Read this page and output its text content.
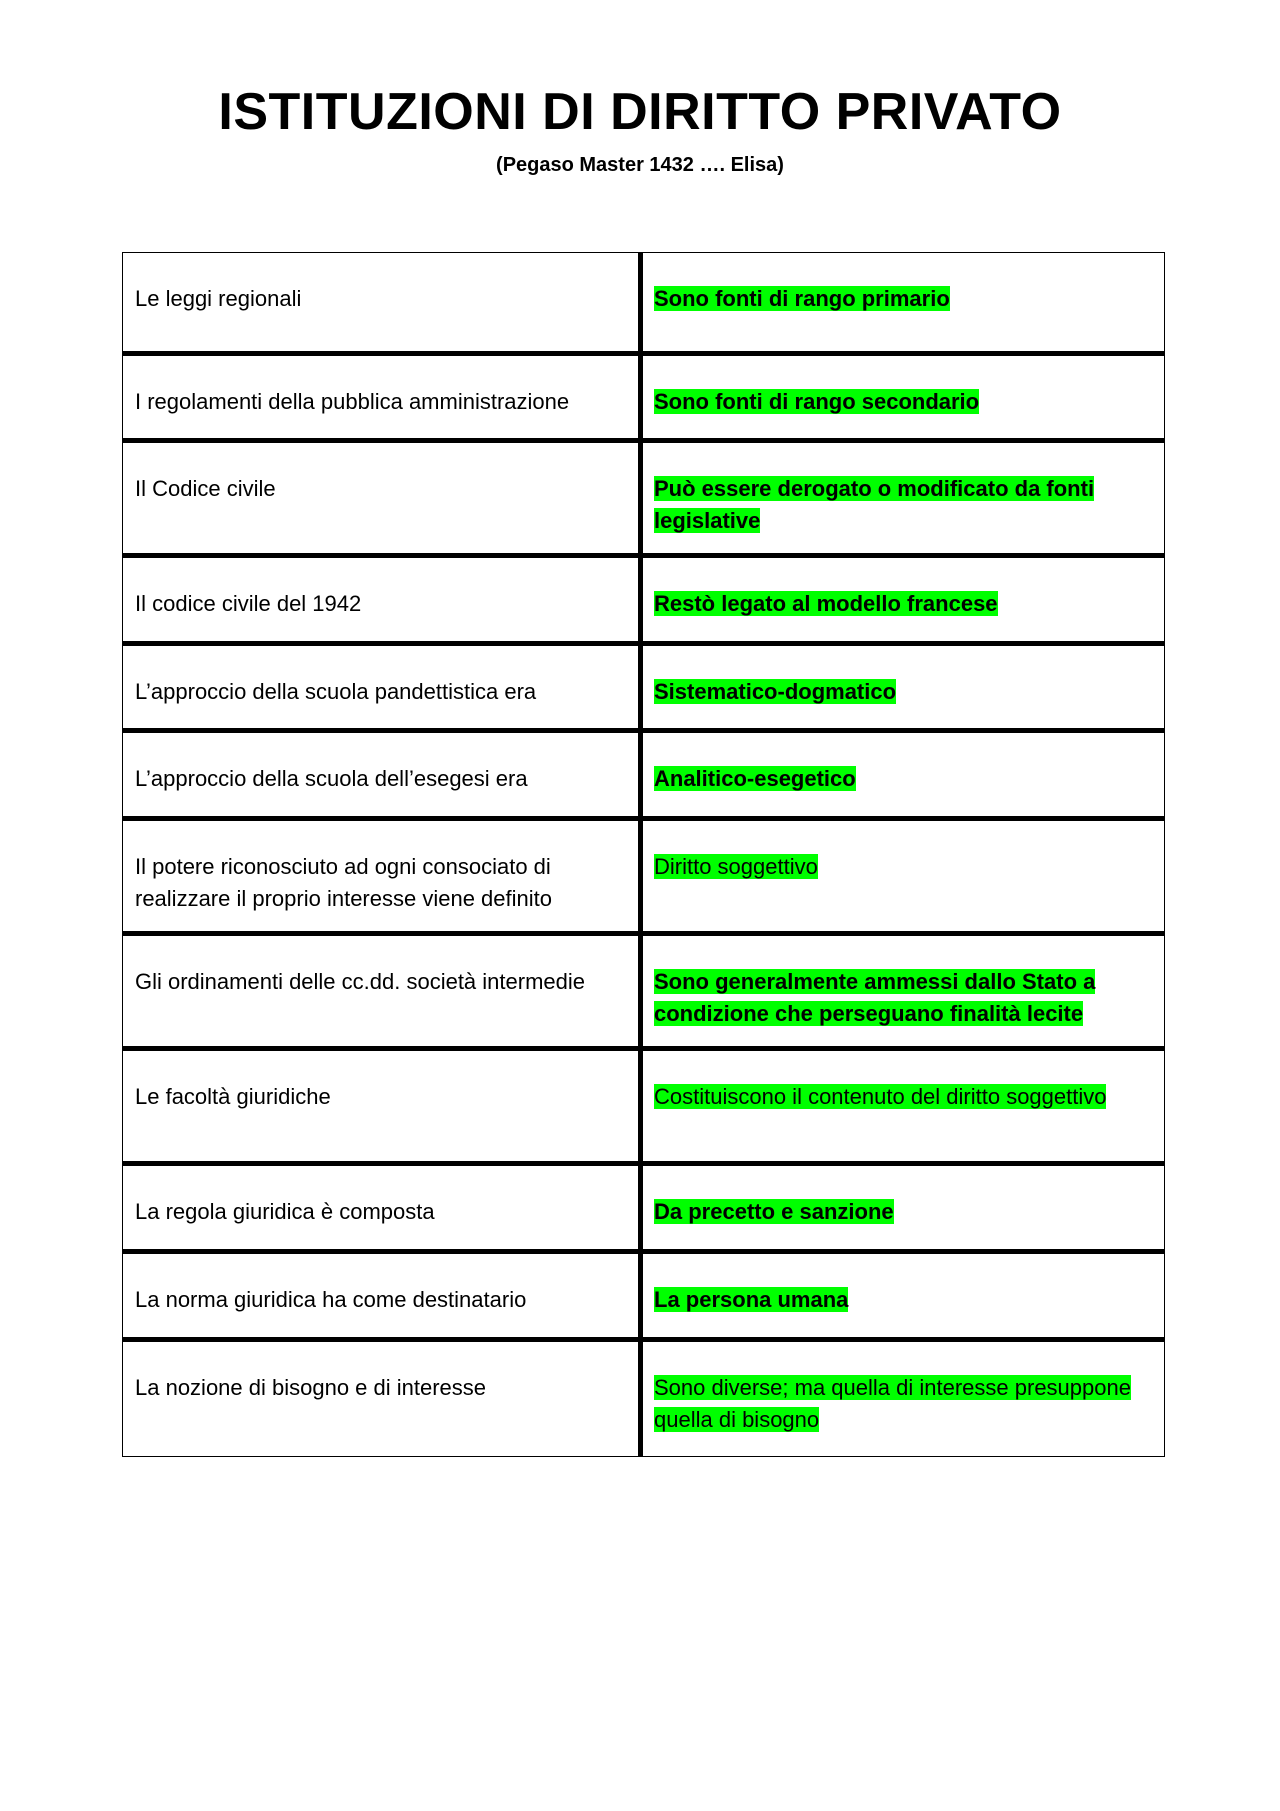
ISTITUZIONI DI DIRITTO PRIVATO
(Pegaso Master 1432 …. Elisa)
Le leggi regionali	Sono fonti di rango primario
I regolamenti della pubblica amministrazione	Sono fonti di rango secondario
Il Codice civile	Può essere derogato o modificato da fonti legislative
Il codice civile del 1942	Restò legato al modello francese
L’approccio della scuola pandettistica era	Sistematico-dogmatico
L’approccio della scuola dell’esegesi era	Analitico-esegetico
Il potere riconosciuto ad ogni consociato di realizzare il proprio interesse viene definito	Diritto soggettivo
Gli ordinamenti delle cc.dd. società intermedie	Sono generalmente ammessi dallo Stato a condizione che perseguano finalità lecite
Le facoltà giuridiche	Costituiscono il contenuto del diritto soggettivo
La regola giuridica è composta	Da precetto e sanzione
La norma giuridica ha come destinatario	La persona umana
La nozione di bisogno e di interesse	Sono diverse; ma quella di interesse presuppone quella di bisogno
